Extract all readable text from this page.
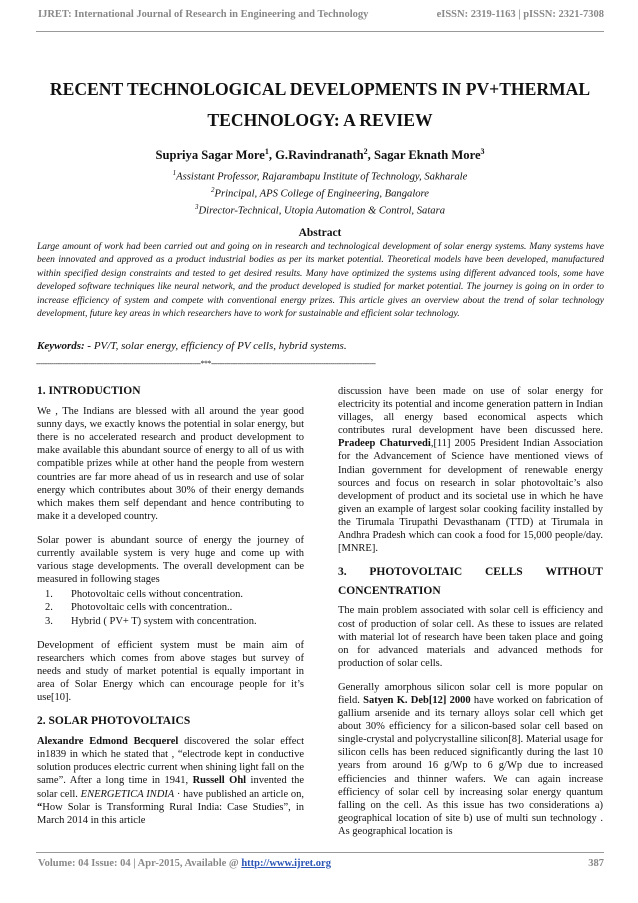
IJRET: International Journal of Research in Engineering and Technology	eISSN: 2319-1163 | pISSN: 2321-7308
RECENT TECHNOLOGICAL DEVELOPMENTS IN PV+THERMAL
TECHNOLOGY: A REVIEW
Supriya Sagar More$^1$, G.Ravindranath$^2$, Sagar Eknath More$^3$
$^1$Assistant Professor, Rajarambapu Institute of Technology, Sakharale
$^2$Principal, APS College of Engineering, Bangalore
$^3$Director-Technical, Utopia Automation & Control, Satara
Abstract
Large amount of work had been carried out and going on in research and technological development of solar energy systems. Many systems have been innovated and approved as a product industrial bodies as per its market potential. Theoretical models have been developed, manufactured within specified design constraints and tested to get desired results. Many have optimized the systems using different advanced tools, some have developed software techniques like neural network, and the product developed is studied for market potential. The journey is going on in order to increase efficiency of system and compete with conventional energy prizes. This article gives an overview about the trend of solar technology development, future key areas in which researchers have to work for sustainable and efficient solar technology.
Keywords: - PV/T, solar energy, efficiency of PV cells, hybrid systems.
----------------------------------------------------------------------------***----------------------------------------------------------------------------
1. INTRODUCTION

We , The Indians are blessed with all around the year good sunny days, we exactly knows the potential in solar energy, but there is no accelerated research and product development to make available this abundant source of energy to all of us with compatible prizes while at other hand the people from western countries are far more ahead of us in research and use of solar energy which contributes about 30% of their energy demands which makes them self dependant and hence contributing to make it a developed country.

Solar power is abundant source of energy the journey of currently available system is very huge and come up with various stage developments. The overall development can be measured in following stages

1.	Photovoltaic cells without concentration.
2.	Photovoltaic cells with concentration..
3.	Hybrid ( PV+ T) system with concentration.

Development of efficient system must be main aim of researchers which comes from above stages but survey of needs and study of market potential is equally important in area of Solar Energy which can encourage people for it’s use[10].

2. SOLAR PHOTOVOLTAICS

Alexandre Edmond Becquerel discovered the solar effect in1839 in which he stated that , “electrode kept in conductive solution produces electric current when shining light fall on the same”. After a long time in 1941, Russell Ohl invented the solar cell. ENERGETICA INDIA · have published an article on, “How Solar is Transforming Rural India: Case Studies”, in March 2014 in this article

discussion have been made on use of solar energy for electricity its potential and income generation pattern in Indian villages, all energy based economical aspects which contributes rural development have been discussed here. Pradeep Chaturvedi,[11] 2005 President Indian Association for the Advancement of Science have mentioned views of Indian government for development of renewable energy sources and focus on research in solar photovoltaic’s also development of product and its societal use in which he have given an example of largest solar cooking facility installed by the Tirumala Tirupathi Devasthanam (TTD) at Tirumala in Andhra Pradesh which can cook a food for 15,000 people/day. [MNRE].

3. PHOTOVOLTAIC CELLS WITHOUT
CONCENTRATION

The main problem associated with solar cell is efficiency and cost of production of solar cell. As these to issues are related with material lot of research have been taken place and going on for advanced materials and advanced methods for production of solar cells.

Generally amorphous silicon solar cell is more popular on field. Satyen K. Deb[12] 2000 have worked on fabrication of gallium arsenide and its ternary alloys solar cell which get about 30% efficiency for a silicon-based solar cell based on single-crystal and polycrystalline silicon[8]. Material usage for silicon cells has been reduced significantly during the last 10 years from around 16 g/Wp to 6 g/Wp due to increased efficiencies and thinner wafers. We can again increase efficiency of solar cell by increasing solar energy quantum falling on the cell. As this issue has two considerations a) geographical location of site b) use of multi sun technology . As geographical location is

Volume: 04 Issue: 04 | Apr-2015, Available @ http://www.ijret.org	387
